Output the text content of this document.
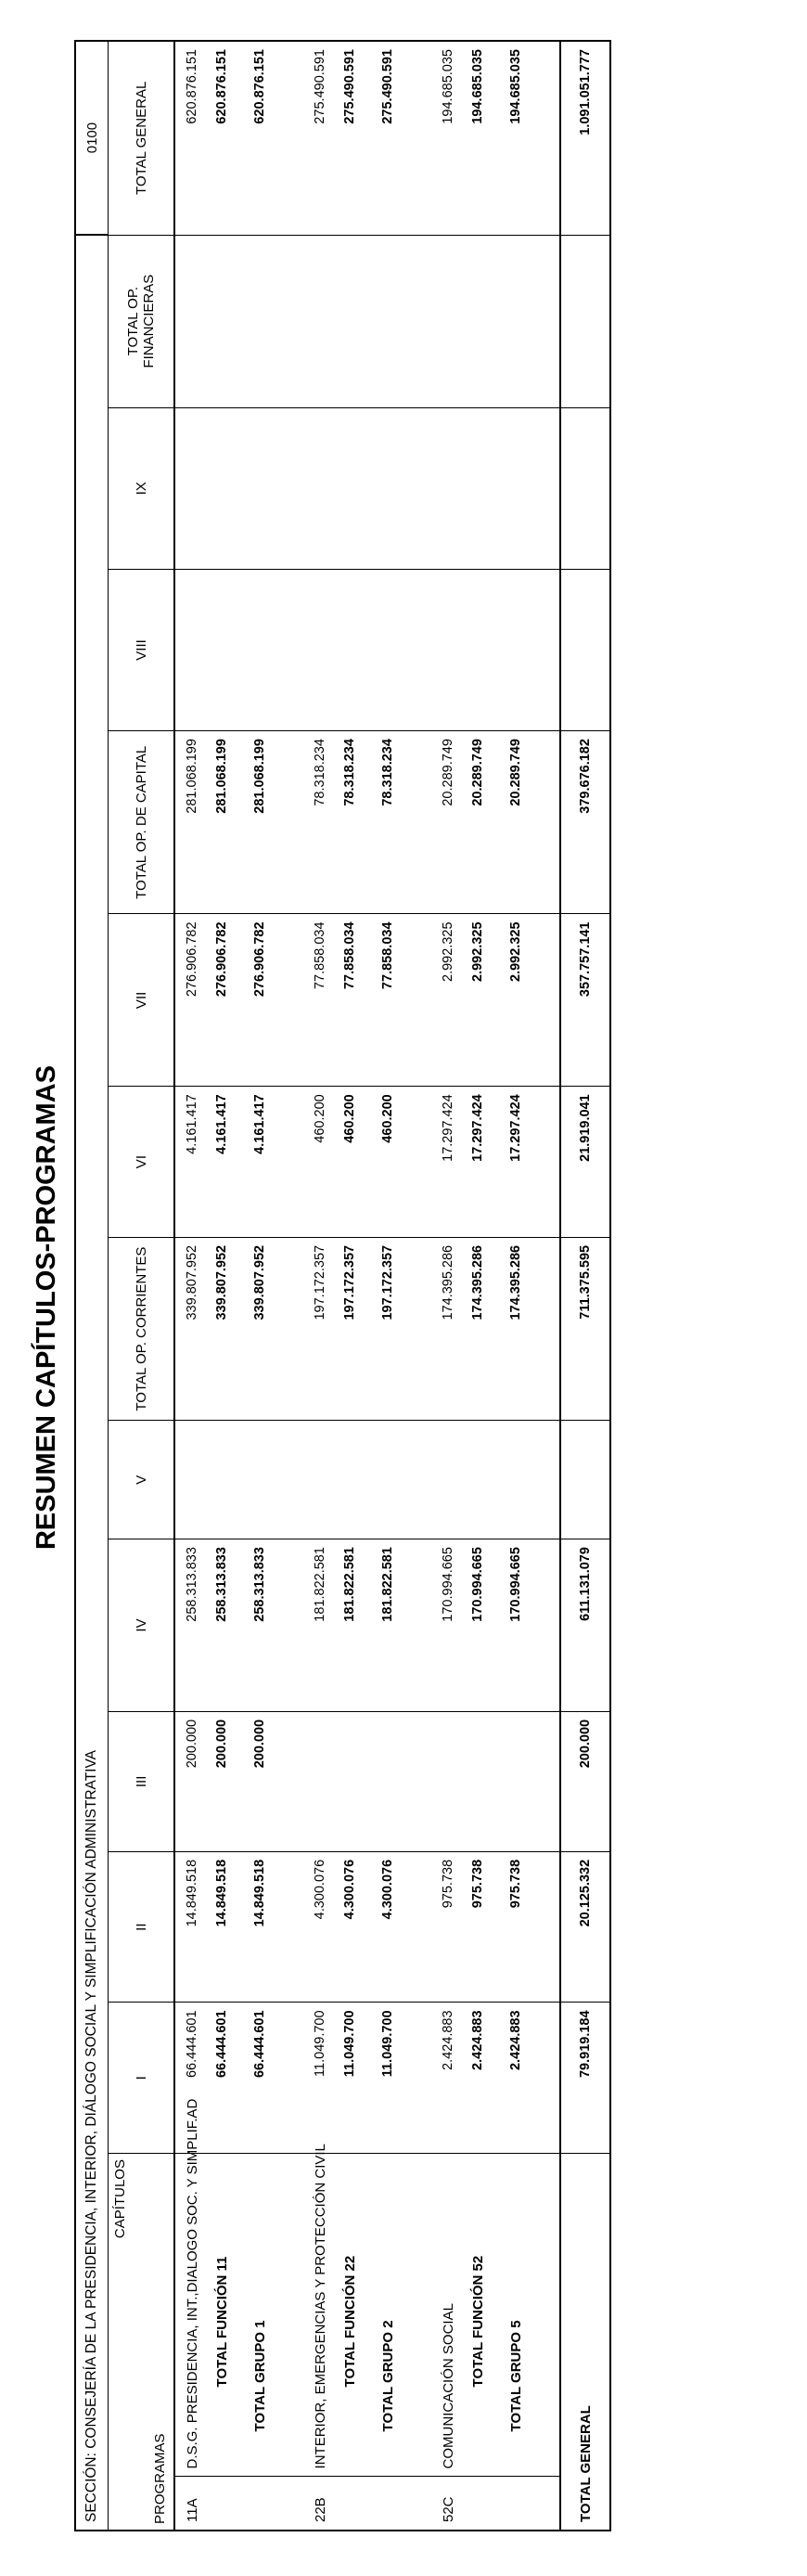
RESUMEN CAPÍTULOS-PROGRAMAS
SECCIÓN: CONSEJERÍA DE LA PRESIDENCIA, INTERIOR, DIÁLOGO SOCIAL Y SIMPLIFICACIÓN ADMINISTRATIVA														0100

CAPÍTULOS
PROGRAMAS		I	II	III	IV	V	TOTAL OP. CORRIENTES	VI	VII	TOTAL OP. DE CAPITAL	VIII	IX	TOTAL OP. FINANCIERAS	TOTAL GENERAL
11A	D.S.G. PRESIDENCIA, INT.,DIALOGO SOC. Y SIMPLIF.AD	66.444.601	14.849.518	200.000	258.313.833		339.807.952	4.161.417	276.906.782	281.068.199				620.876.151
	TOTAL FUNCIÓN 11	66.444.601	14.849.518	200.000	258.313.833		339.807.952	4.161.417	276.906.782	281.068.199				620.876.151
	TOTAL GRUPO 1	66.444.601	14.849.518	200.000	258.313.833		339.807.952	4.161.417	276.906.782	281.068.199				620.876.151

22B	INTERIOR, EMERGENCIAS Y PROTECCIÓN CIVIL	11.049.700	4.300.076		181.822.581		197.172.357	460.200	77.858.034	78.318.234				275.490.591
	TOTAL FUNCIÓN 22	11.049.700	4.300.076		181.822.581		197.172.357	460.200	77.858.034	78.318.234				275.490.591
	TOTAL GRUPO 2	11.049.700	4.300.076		181.822.581		197.172.357	460.200	77.858.034	78.318.234				275.490.591

52C	COMUNICACIÓN SOCIAL	2.424.883	975.738		170.994.665		174.395.286	17.297.424	2.992.325	20.289.749				194.685.035
	TOTAL FUNCIÓN 52	2.424.883	975.738		170.994.665		174.395.286	17.297.424	2.992.325	20.289.749				194.685.035
	TOTAL GRUPO 5	2.424.883	975.738		170.994.665		174.395.286	17.297.424	2.992.325	20.289.749				194.685.035

TOTAL GENERAL		79.919.184	20.125.332	200.000	611.131.079		711.375.595	21.919.041	357.757.141	379.676.182				1.091.051.777
